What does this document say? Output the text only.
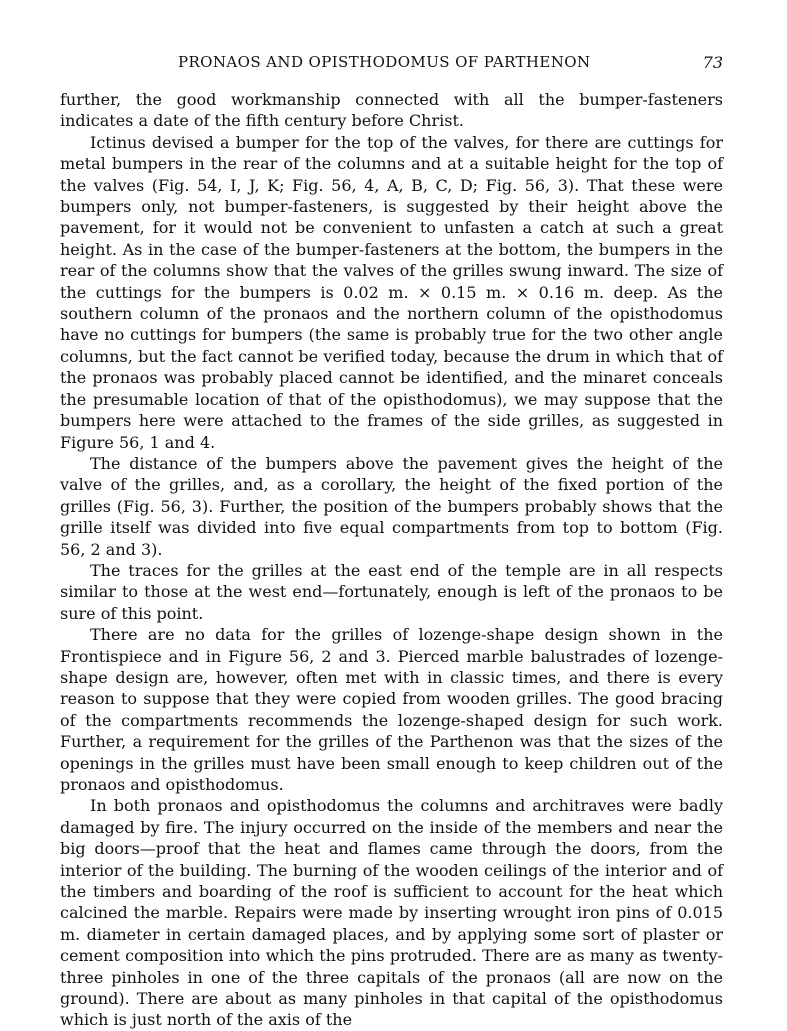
PRONAOS AND OPISTHODOMUS OF PARTHENON	73

further, the good workmanship connected with all the bumper-fasteners indicates a date of the fifth century before Christ.

Ictinus devised a bumper for the top of the valves, for there are cuttings for metal bumpers in the rear of the columns and at a suitable height for the top of the valves (Fig. 54, I, J, K; Fig. 56, 4, A, B, C, D; Fig. 56, 3). That these were bumpers only, not bumper-fasteners, is suggested by their height above the pavement, for it would not be convenient to unfasten a catch at such a great height. As in the case of the bumper-fasteners at the bottom, the bumpers in the rear of the columns show that the valves of the grilles swung inward. The size of the cuttings for the bumpers is 0.02 m. × 0.15 m. × 0.16 m. deep. As the southern column of the pronaos and the northern column of the opisthodomus have no cuttings for bumpers (the same is probably true for the two other angle columns, but the fact cannot be verified today, because the drum in which that of the pronaos was probably placed cannot be identified, and the minaret conceals the presumable location of that of the opisthodomus), we may suppose that the bumpers here were attached to the frames of the side grilles, as suggested in Figure 56, 1 and 4.

The distance of the bumpers above the pavement gives the height of the valve of the grilles, and, as a corollary, the height of the fixed portion of the grilles (Fig. 56, 3). Further, the position of the bumpers probably shows that the grille itself was divided into five equal compartments from top to bottom (Fig. 56, 2 and 3).

The traces for the grilles at the east end of the temple are in all respects similar to those at the west end—fortunately, enough is left of the pronaos to be sure of this point.

There are no data for the grilles of lozenge-shape design shown in the Frontispiece and in Figure 56, 2 and 3. Pierced marble balustrades of lozenge-shape design are, however, often met with in classic times, and there is every reason to suppose that they were copied from wooden grilles. The good bracing of the compartments recommends the lozenge-shaped design for such work. Further, a requirement for the grilles of the Parthenon was that the sizes of the openings in the grilles must have been small enough to keep children out of the pronaos and opisthodomus.

In both pronaos and opisthodomus the columns and architraves were badly damaged by fire. The injury occurred on the inside of the members and near the big doors—proof that the heat and flames came through the doors, from the interior of the building. The burning of the wooden ceilings of the interior and of the timbers and boarding of the roof is sufficient to account for the heat which calcined the marble. Repairs were made by inserting wrought iron pins of 0.015 m. diameter in certain damaged places, and by applying some sort of plaster or cement composition into which the pins protruded. There are as many as twenty-three pinholes in one of the three capitals of the pronaos (all are now on the ground). There are about as many pinholes in that capital of the opisthodomus which is just north of the axis of the
